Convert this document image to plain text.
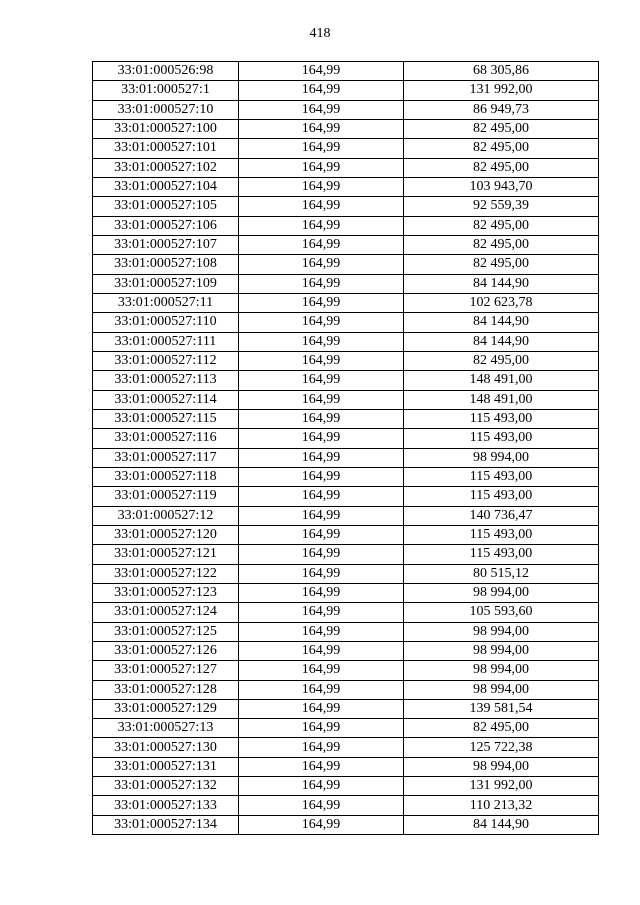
418
33:01:000526:98	164,99	68 305,86
33:01:000527:1	164,99	131 992,00
33:01:000527:10	164,99	86 949,73
33:01:000527:100	164,99	82 495,00
33:01:000527:101	164,99	82 495,00
33:01:000527:102	164,99	82 495,00
33:01:000527:104	164,99	103 943,70
33:01:000527:105	164,99	92 559,39
33:01:000527:106	164,99	82 495,00
33:01:000527:107	164,99	82 495,00
33:01:000527:108	164,99	82 495,00
33:01:000527:109	164,99	84 144,90
33:01:000527:11	164,99	102 623,78
33:01:000527:110	164,99	84 144,90
33:01:000527:111	164,99	84 144,90
33:01:000527:112	164,99	82 495,00
33:01:000527:113	164,99	148 491,00
33:01:000527:114	164,99	148 491,00
33:01:000527:115	164,99	115 493,00
33:01:000527:116	164,99	115 493,00
33:01:000527:117	164,99	98 994,00
33:01:000527:118	164,99	115 493,00
33:01:000527:119	164,99	115 493,00
33:01:000527:12	164,99	140 736,47
33:01:000527:120	164,99	115 493,00
33:01:000527:121	164,99	115 493,00
33:01:000527:122	164,99	80 515,12
33:01:000527:123	164,99	98 994,00
33:01:000527:124	164,99	105 593,60
33:01:000527:125	164,99	98 994,00
33:01:000527:126	164,99	98 994,00
33:01:000527:127	164,99	98 994,00
33:01:000527:128	164,99	98 994,00
33:01:000527:129	164,99	139 581,54
33:01:000527:13	164,99	82 495,00
33:01:000527:130	164,99	125 722,38
33:01:000527:131	164,99	98 994,00
33:01:000527:132	164,99	131 992,00
33:01:000527:133	164,99	110 213,32
33:01:000527:134	164,99	84 144,90
